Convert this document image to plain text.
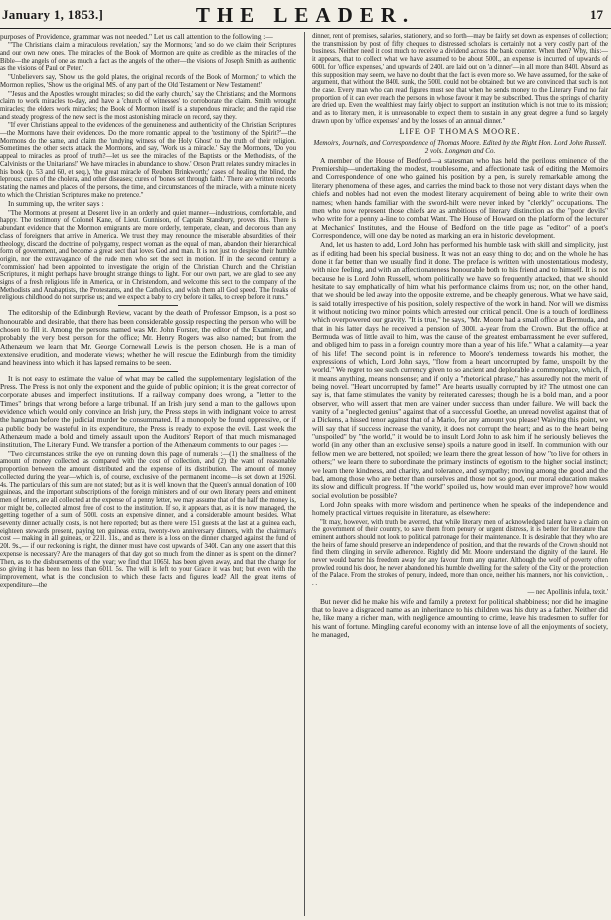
January 1, 1853.]	THE LEADER.	17

purposes of Providence, grammar was not needed." Let us call attention to the following :—

"'The Christians claim a miraculous revelation,' say the Mormons; 'and so do we claim their Scriptures and our own new ones. The miracles of the Book of Mormon are quite as credible as the miracles of the Bible—the angels of one as much a fact as the angels of the other—the visions of Joseph Smith as authentic as the visions of Paul or Peter.'

"Unbelievers say, 'Show us the gold plates, the original records of the Book of Mormon;' to which the Mormon replies, 'Show us the original MS. of any part of the Old Testament or New Testament!'

"'Jesus and the Apostles wrought miracles; so did the early church,' say the Christians; and the Mormons claim to work miracles to-day, and have a 'church of witnesses' to corroborate the claim. Smith wrought miracles; the elders work miracles; the Book of Mormon itself is a stupendous miracle; and the rapid rise and steady progress of the new sect is the most astonishing miracle on record, say they.

"If ever Christians appeal to the evidences of the genuineness and authenticity of the Christian Scriptures—the Mormons have their evidences. Do the more romantic appeal to the 'testimony of the Spirit?'—the Mormons do the same, and claim the 'undying witness of the Holy Ghost' to the truth of their religion. Sometimes the other sects attack the Mormons, and say, 'Work us a miracle.' Say the Mormons, 'Do you appeal to miracles as proof of truth?—let us see the miracles of the Baptists or the Methodists, of the Calvinists or the Unitarians!' We have miracles in abundance to show.' Orson Pratt relates sundry miracles in his book (p. 53 and 60, et seq.), 'the great miracle of Reuben Brinkworth;' cases of healing the blind, the leprous; cures of the cholera, and other diseases; cures of 'bones set through faith.' There are written records stating the names and places of the persons, the time, and circumstances of the miracle, with a minute nicety to which the Christian Scriptures make no pretence."

In summing up, the writer says :

"The Mormons at present at Deseret live in an orderly and quiet manner—industrious, comfortable, and happy. The testimony of Colonel Kane, of Lieut. Gunnison, of Captain Stansbury, proves this. There is abundant evidence that the Mormon emigrants are more orderly, temperate, clean, and decorous than any class of foreigners that arrive in America. We trust they may renounce the miserable absurdities of their theology, discard the doctrine of polygamy, respect woman as the equal of man, abandon their hierarchical form of government, and become a great sect that loves God and man. It is not just to despise their humble origin, nor the extravagance of the rude men who set the sect in motion. If in the second century a 'commission' had been appointed to investigate the origin of the Christian Church and the Christian Scriptures, it might perhaps have brought strange things to light. For our own part, we are glad to see any signs of a fresh religious life in America, or in Christendom, and welcome this sect to the company of the Methodists and Anabaptists, the Protestants, and the Catholics, and wish them all God speed. The freaks of religious childhood do not surprise us; and we expect a baby to cry before it talks, to creep before it runs."

The editorship of the Edinburgh Review, vacant by the death of Professor Empson, is a post so honourable and desirable, that there has been considerable gossip respecting the person who will be chosen to fill it. Among the persons named was Mr. John Forster, the editor of the Examiner, and probably the very best person for the office; Mr. Henry Rogers was also named; but from the Athenæum we learn that Mr. George Cornewall Lewis is the person chosen. He is a man of extensive erudition, and moderate views; whether he will rescue the Edinburgh from the timidity and heaviness into which it has lapsed remains to be seen.

It is not easy to estimate the value of what may be called the supplementary legislation of the Press. The Press is not only the exponent and the guide of public opinion; it is the great corrector of corporate abuses and imperfect institutions. If a railway company does wrong, a "letter to the Times" brings that wrong before a large tribunal. If an Irish jury send a man to the gallows upon evidence which would only convince an Irish jury, the Press steps in with indignant voice to arrest the hangman before the judicial murder be consummated. If a monopoly be found oppressive, or if a public body be wasteful in its expenditure, the Press is ready to expose the evil. Last week the Athenæum made a bold and timely assault upon the Auditors' Report of that much mismanaged institution, The Literary Fund. We transfer a portion of the Athenæum comments to our pages :—

"Two circumstances strike the eye on running down this page of numerals :—(1) the smallness of the amount of money collected as compared with the cost of collection, and (2) the want of reasonable proportion between the amount distributed and the expense of its distribution. The amount of money collected during the year—which is, of course, exclusive of the permanent income—is set down at 1926l. 4s. The particulars of this sum are not stated; but as it is well known that the Queen's annual donation of 100 guineas, and the important subscriptions of the foreign ministers and of our own literary peers and eminent men of letters, are all collected at the expense of a penny letter, we may assume that of the half the money is, or might be, collected almost free of cost to the institution. If so, it appears that, as it is now managed, the getting together of a sum of 500l. costs an expensive dinner, and a considerable amount besides. What seventy dinner actually costs, is not here reported; but as there were 151 guests at the last at a guinea each, eighteen stewards present, paying ten guineas extra, twenty-two anniversary dinners, with the chairman's cost — making in all guineas, or 221l. 11s., and as there is a loss on the dinner charged against the fund of 20l. 9s.,— if our reckoning is right, the dinner must have cost upwards of 340l. Can any one assert that this expense is necessary? Are the managers of that day got so much from the dinner as is spent on the dinner? Then, as to the disbursements of the year; we find that 1065l. has been given away, and that the charge for so giving it has been no less than 601l. 5s. The will is left to your Grace it was but; but even with the improvement, what is the conclusion to which these facts and figures lead? All the great items of expenditure—the

dinner, rent of premises, salaries, stationery, and so forth—may be fairly set down as expenses of collection; the transmission by post of fifty cheques to distressed scholars is certainly not a very costly part of the business. Neither need it cost much to receive a dividend across the bank counter. When then? Why, this:—it appears, that to collect what we have assumed to be about 500l., an expense is incurred of upwards of 600l. for 'office expenses,' and upwards of 240l. are laid out on 'a dinner'—in all more than 840l. Absurd as this supposition may seem, we have no doubt that the fact is even more so. We have assumed, for the sake of argument, that without the 840l. sunk, the 500l. could not be obtained: but we are convinced that such is not the case. Every man who can read figures must see that when he sends money to the Literary Fund no fair proportion of it can ever reach the persons in whose favour it may be subscribed. Thus the springs of charity are dried up. Even the wealthiest may fairly object to support an institution which is not true to its mission; and as to literary men, it is unreasonable to expect them to sustain in any great degree a fund so largely drawn upon by 'office expenses' and by the losses of an annual dinner."

LIFE OF THOMAS MOORE.

Memoirs, Journals, and Correspondence of Thomas Moore. Edited by the Right Hon. Lord John Russell. 2 vols. Longman and Co.

A member of the House of Bedford—a statesman who has held the perilous eminence of the Premiership—undertaking the modest, troublesome, and affectionate task of editing the Memoirs and Correspondence of one who gained his position by a pen, is surely remarkable among the literary phenomena of these ages, and carries the mind back to those not very distant days when the chiefs and nobles had not even the modest literary acquirement of being able to write their own names; when hands familiar with the sword-hilt were never inked by "clerkly" occupations. The men who now represent those chiefs are as ambitious of literary distinction as the "poor devils" who write for a penny a-line to combat Want. The House of Howard on the platform of the lecturer at Mechanics' Institutes, and the House of Bedford on the title page as "editor" of a poet's Correspondence, will one day be noted as marking an era in historic development.

And, let us hasten to add, Lord John has performed his humble task with skill and simplicity, just as if editing had been his special business. It was not an easy thing to do; and on the whole he has done it far better than we usually find it done. The preface is written with unostentatious modesty, with nice feeling, and with an affectionateness honourable both to his friend and to himself. It is not because he is Lord John Russell, whom politically we have so frequently attacked, that we should hesitate to say emphatically of him what his performance claims from us; nor, on the other hand, that we should be led away into the opposite extreme, and be cheaply generous. What we have said, is said totally irrespective of his position, solely respective of the work in hand. Nor will we dismiss it without noticing two minor points which arrested our critical pencil. One is a touch of lordliness which overpowered our gravity. "It is true," he says, "Mr. Moore had a small office at Bermuda, and that in his latter days he received a pension of 300l. a-year from the Crown. But the office at Bermuda was of little avail to him, was the cause of the greatest embarrassment he ever suffered, and obliged him to pass in a foreign country more than a year of his life." What a calamity—a year of his life! The second point is in reference to Moore's tenderness towards his mother, the expressions of which, Lord John says, "flow from a heart uncorrupted by fame, unspoilt by the world." We regret to see such currency given to so ancient and deplorable a commonplace, which, if it means anything, means nonsense; and if only a "rhetorical phrase," has assuredly not the merit of being novel. "Heart uncorrupted by fame!" Are hearts usually corrupted by it? The utmost one can say is, that fame stimulates the vanity by reiterated caresses; though he is a bold man, and a poor observer, who will assert that men are vainer under success than under failure. We will back the vanity of a "neglected genius" against that of a successful Goethe, an unread novelist against that of a Dickens, a hissed tenor against that of a Mario, for any amount you please! Waiving this point, we will say that if success increase the vanity, it does not corrupt the heart; and as to the heart being "unspoiled" by "the world," it would be to insult Lord John to ask him if he seriously believes the world (in any other than an exclusive sense) spoils a nature good in itself. In communion with our fellow men we are bettered, not spoiled; we learn there the great lesson of how "to live for others in others;" we learn there to subordinate the primary instincts of egotism to the higher social instinct; we learn there kindness, and charity, and tolerance, and sympathy; moving among the good and the bad, among those who are better than ourselves and those not so good, our moral education makes its slow and difficult progress. If "the world" spoiled us, how would man ever improve? how would social evolution be possible?

Lord John speaks with more wisdom and pertinence when he speaks of the independence and homely practical virtues requisite in literature, as elsewhere:

"It may, however, with truth be averred, that while literary men of acknowledged talent have a claim on the government of their country, to save them from penury or urgent distress, it is better for literature that eminent authors should not look to political patronage for their maintenance. It is desirable that they who are the heirs of fame should preserve an independence of position, and that the rewards of the Crown should not find them clinging in servile adherence. Rightly did Mr. Moore understand the dignity of the laurel. He never would barter his freedom away for any favour from any quarter. Although the wolf of poverty often prowled round his door, he never abandoned his humble dwelling for the safety of the City or the protection of the Palace. From the strokes of penury, indeed, more than once, neither his manners, nor his conviction, . . .

— nec Apollinis infula, texit.'

But never did he make his wife and family a pretext for political shabbiness; nor did he imagine that to leave a disgraced name as an inheritance to his children was his duty as a father. Neither did he, like many a richer man, with negligence amounting to crime, leave his tradesmen to suffer for his want of fortune. Mingling careful economy with an intense love of all the enjoyments of society, he managed,
